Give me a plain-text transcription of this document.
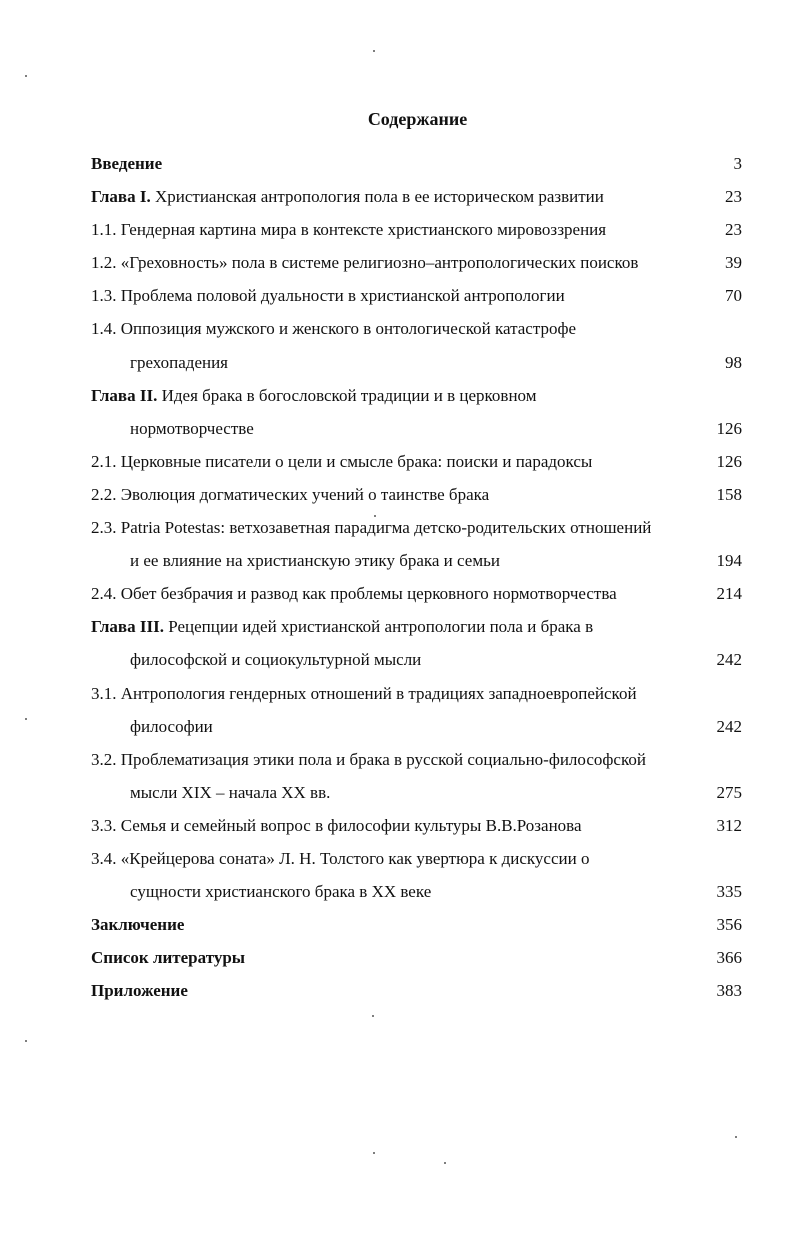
Содержание
Введение	3
Глава I. Христианская антропология пола в ее историческом развитии	23
1.1. Гендерная картина мира в контексте христианского мировоззрения	23
1.2. «Греховность» пола в системе религиозно–антропологических поисков	39
1.3. Проблема половой дуальности в христианской антропологии	70
1.4. Оппозиция мужского и женского в онтологической катастрофе
грехопадения	98
Глава II. Идея брака в богословской традиции и в церковном
нормотворчестве	126
2.1. Церковные писатели о цели и смысле брака: поиски и парадоксы	126
2.2. Эволюция догматических учений о таинстве брака	158
2.3. Patria Potestas: ветхозаветная парадигма детско-родительских отношений
и ее влияние на христианскую этику брака и семьи	194
2.4. Обет безбрачия и развод как проблемы церковного нормотворчества	214
Глава III. Рецепции идей христианской антропологии пола и брака в
философской и социокультурной мысли	242
3.1. Антропология гендерных отношений в традициях западноевропейской
философии	242
3.2. Проблематизация этики пола и брака в русской социально-философской
мысли XIX – начала XX вв.	275
3.3. Семья и семейный вопрос в философии культуры В.В.Розанова	312
3.4. «Крейцерова соната» Л. Н. Толстого как увертюра к дискуссии о
сущности христианского брака в XX веке	335
Заключение	356
Список литературы	366
Приложение	383
